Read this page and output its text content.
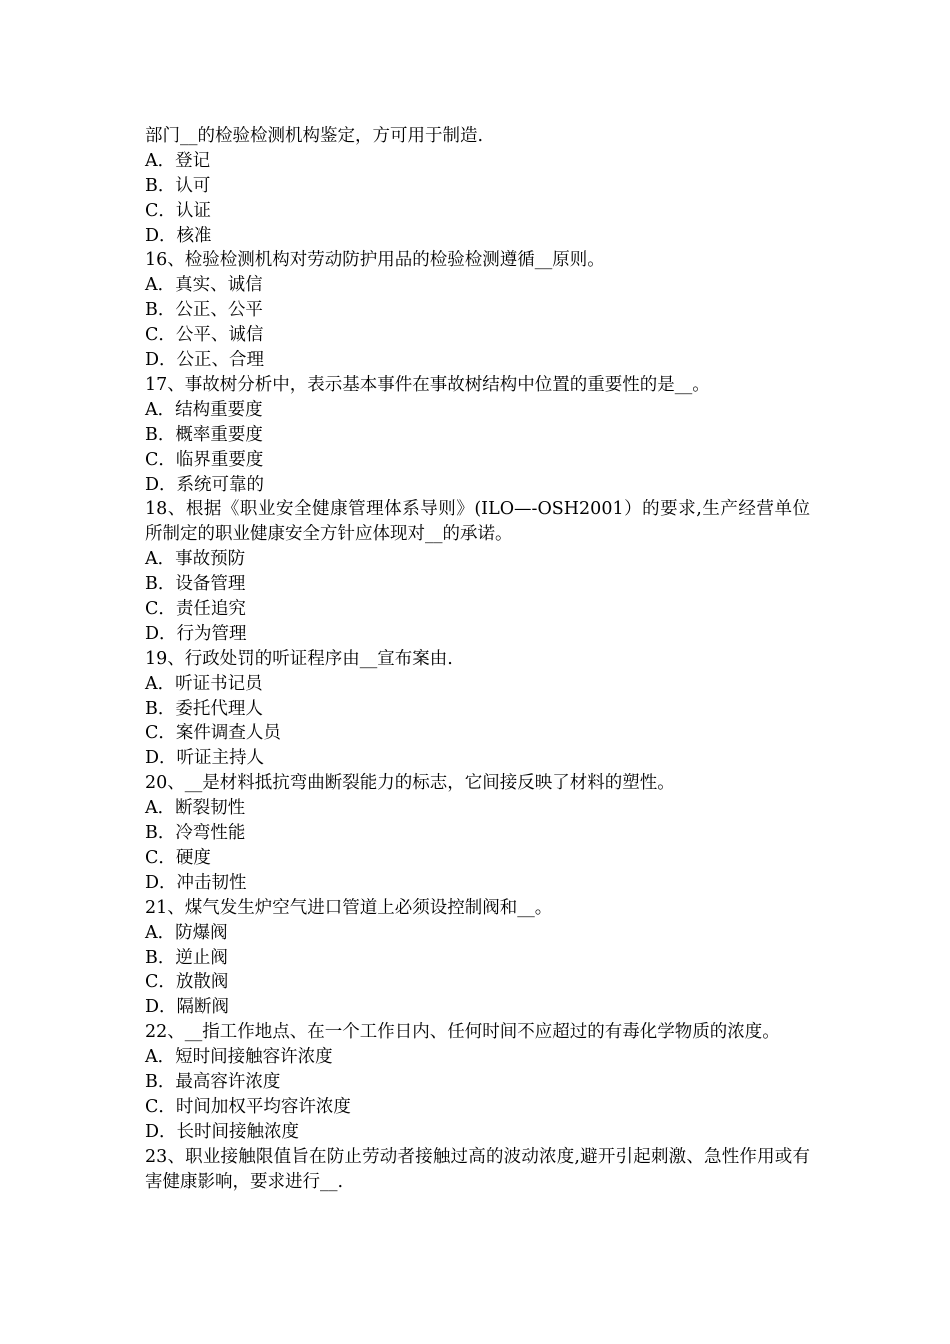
部门__的检验检测机构鉴定，方可用于制造.
A．登记
B．认可
C．认证
D．核准
16、检验检测机构对劳动防护用品的检验检测遵循__原则。
A．真实、诚信
B．公正、公平
C．公平、诚信
D．公正、合理
17、事故树分析中，表示基本事件在事故树结构中位置的重要性的是__。
A．结构重要度
B．概率重要度
C．临界重要度
D．系统可靠的
18、根据《职业安全健康管理体系导则》(ILO—-OSH2001）的要求,生产经营单位所制定的职业健康安全方针应体现对__的承诺。
A．事故预防
B．设备管理
C．责任追究
D．行为管理
19、行政处罚的听证程序由__宣布案由.
A．听证书记员
B．委托代理人
C．案件调查人员
D．听证主持人
20、__是材料抵抗弯曲断裂能力的标志，它间接反映了材料的塑性。
A．断裂韧性
B．冷弯性能
C．硬度
D．冲击韧性
21、煤气发生炉空气进口管道上必须设控制阀和__。
A．防爆阀
B．逆止阀
C．放散阀
D．隔断阀
22、__指工作地点、在一个工作日内、任何时间不应超过的有毒化学物质的浓度。
A．短时间接触容许浓度
B．最高容许浓度
C．时间加权平均容许浓度
D．长时间接触浓度
23、职业接触限值旨在防止劳动者接触过高的波动浓度,避开引起刺激、急性作用或有害健康影响，要求进行__.
